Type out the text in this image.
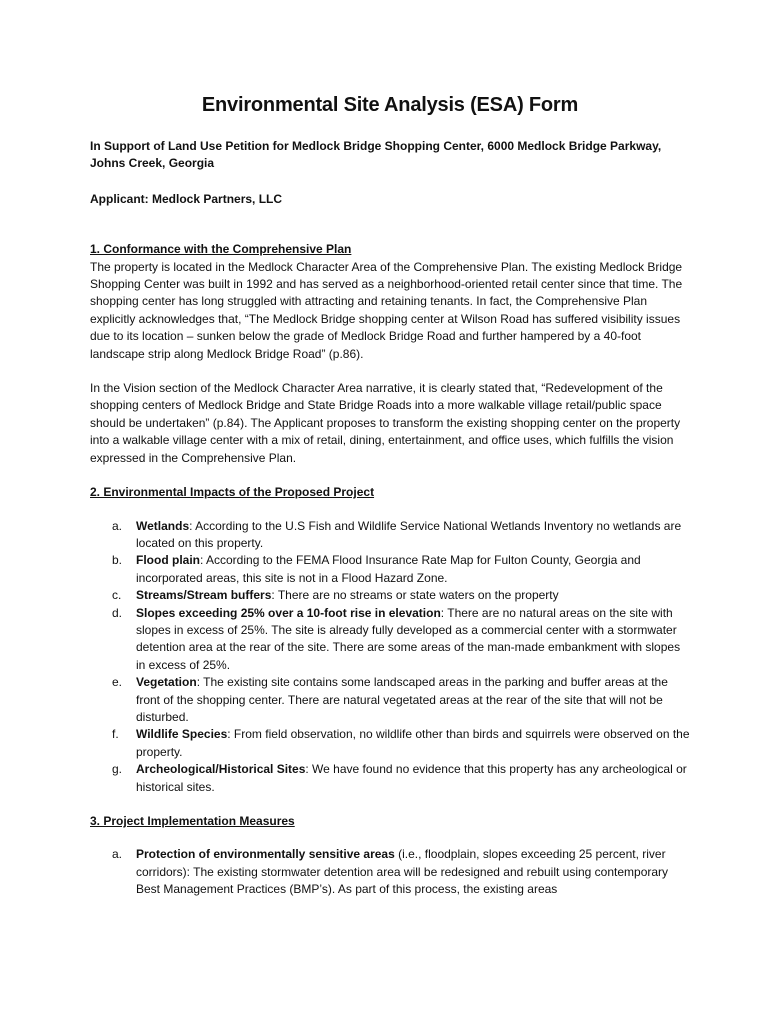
Environmental Site Analysis (ESA) Form
In Support of Land Use Petition for Medlock Bridge Shopping Center, 6000 Medlock Bridge Parkway, Johns Creek, Georgia
Applicant: Medlock Partners, LLC
1. Conformance with the Comprehensive Plan
The property is located in the Medlock Character Area of the Comprehensive Plan. The existing Medlock Bridge Shopping Center was built in 1992 and has served as a neighborhood-oriented retail center since that time. The shopping center has long struggled with attracting and retaining tenants. In fact, the Comprehensive Plan explicitly acknowledges that, “The Medlock Bridge shopping center at Wilson Road has suffered visibility issues due to its location – sunken below the grade of Medlock Bridge Road and further hampered by a 40-foot landscape strip along Medlock Bridge Road” (p.86).
In the Vision section of the Medlock Character Area narrative, it is clearly stated that, “Redevelopment of the shopping centers of Medlock Bridge and State Bridge Roads into a more walkable village retail/public space should be undertaken” (p.84). The Applicant proposes to transform the existing shopping center on the property into a walkable village center with a mix of retail, dining, entertainment, and office uses, which fulfills the vision expressed in the Comprehensive Plan.
2. Environmental Impacts of the Proposed Project
a. Wetlands: According to the U.S Fish and Wildlife Service National Wetlands Inventory no wetlands are located on this property.
b. Flood plain: According to the FEMA Flood Insurance Rate Map for Fulton County, Georgia and incorporated areas, this site is not in a Flood Hazard Zone.
c. Streams/Stream buffers: There are no streams or state waters on the property
d. Slopes exceeding 25% over a 10-foot rise in elevation: There are no natural areas on the site with slopes in excess of 25%. The site is already fully developed as a commercial center with a stormwater detention area at the rear of the site. There are some areas of the man-made embankment with slopes in excess of 25%.
e. Vegetation: The existing site contains some landscaped areas in the parking and buffer areas at the front of the shopping center. There are natural vegetated areas at the rear of the site that will not be disturbed.
f. Wildlife Species: From field observation, no wildlife other than birds and squirrels were observed on the property.
g. Archeological/Historical Sites: We have found no evidence that this property has any archeological or historical sites.
3. Project Implementation Measures
a. Protection of environmentally sensitive areas (i.e., floodplain, slopes exceeding 25 percent, river corridors): The existing stormwater detention area will be redesigned and rebuilt using contemporary Best Management Practices (BMP’s). As part of this process, the existing areas
